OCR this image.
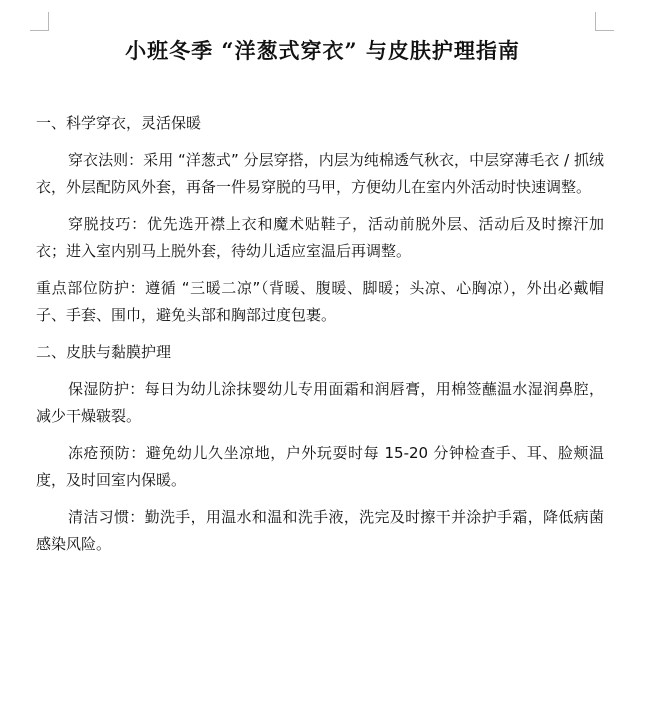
小班冬季 “洋葱式穿衣” 与皮肤护理指南
一、科学穿衣，灵活保暖

穿衣法则：采用 “洋葱式” 分层穿搭，内层为纯棉透气秋衣，中层穿薄毛衣 / 抓绒衣，外层配防风外套，再备一件易穿脱的马甲，方便幼儿在室内外活动时快速调整。

穿脱技巧：优先选开襟上衣和魔术贴鞋子，活动前脱外层、活动后及时擦汗加衣；进入室内别马上脱外套，待幼儿适应室温后再调整。

重点部位防护：遵循 “三暖二凉”（背暖、腹暖、脚暖；头凉、心胸凉），外出必戴帽子、手套、围巾，避免头部和胸部过度包裹。

二、皮肤与黏膜护理

保湿防护：每日为幼儿涂抹婴幼儿专用面霜和润唇膏，用棉签蘸温水湿润鼻腔，减少干燥皲裂。

冻疮预防：避免幼儿久坐凉地，户外玩耍时每 15-20 分钟检查手、耳、脸颊温度，及时回室内保暖。

清洁习惯：勤洗手，用温水和温和洗手液，洗完及时擦干并涂护手霜，降低病菌感染风险。
